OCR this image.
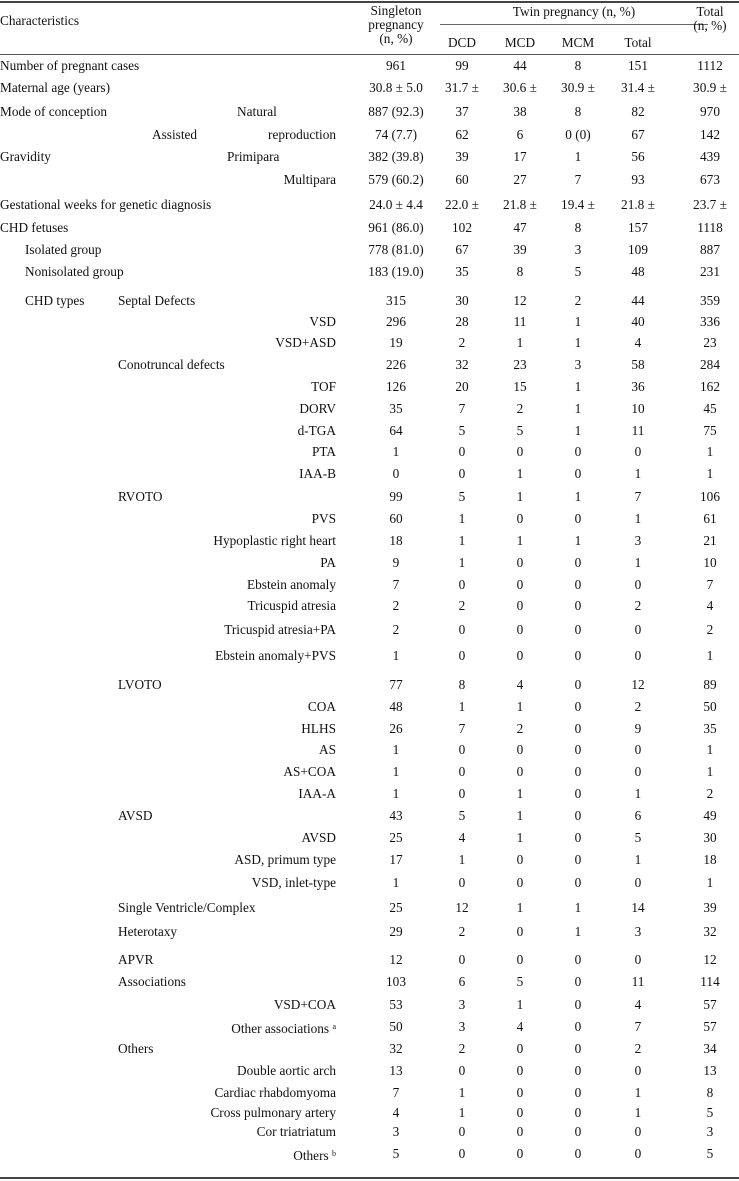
Characteristics
Singleton
pregnancy
(n, %)
Twin pregnancy (n, %)
DCD	MCD	MCM	Total
Total
(n, %)
Number of pregnant cases	961	99	44	8	151	1112
Maternal age (years)	30.8 ± 5.0	31.7 ±	30.6 ±	30.9 ±	31.4 ±	30.9 ±
Mode of conception	Natural	887 (92.3)	37	38	8	82	970
Assisted	reproduction	74 (7.7)	62	6	0 (0)	67	142
Gravidity	Primipara	382 (39.8)	39	17	1	56	439
Multipara	579 (60.2)	60	27	7	93	673
Gestational weeks for genetic diagnosis	24.0 ± 4.4	22.0 ±	21.8 ±	19.4 ±	21.8 ±	23.7 ±
CHD fetuses	961 (86.0)	102	47	8	157	1118
Isolated group	778 (81.0)	67	39	3	109	887
Nonisolated group	183 (19.0)	35	8	5	48	231
CHD types	Septal Defects	315	30	12	2	44	359
VSD	296	28	11	1	40	336
VSD+ASD	19	2	1	1	4	23
Conotruncal defects	226	32	23	3	58	284
TOF	126	20	15	1	36	162
DORV	35	7	2	1	10	45
d-TGA	64	5	5	1	11	75
PTA	1	0	0	0	0	1
IAA-B	0	0	1	0	1	1
RVOTO	99	5	1	1	7	106
PVS	60	1	0	0	1	61
Hypoplastic right heart	18	1	1	1	3	21
PA	9	1	0	0	1	10
Ebstein anomaly	7	0	0	0	0	7
Tricuspid atresia	2	2	0	0	2	4
Tricuspid atresia+PA	2	0	0	0	0	2
Ebstein anomaly+PVS	1	0	0	0	0	1
LVOTO	77	8	4	0	12	89
COA	48	1	1	0	2	50
HLHS	26	7	2	0	9	35
AS	1	0	0	0	0	1
AS+COA	1	0	0	0	0	1
IAA-A	1	0	1	0	1	2
AVSD	43	5	1	0	6	49
AVSD	25	4	1	0	5	30
ASD, primum type	17	1	0	0	1	18
VSD, inlet-type	1	0	0	0	0	1
Single Ventricle/Complex	25	12	1	1	14	39
Heterotaxy	29	2	0	1	3	32
APVR	12	0	0	0	0	12
Associations	103	6	5	0	11	114
VSD+COA	53	3	1	0	4	57
Other associations $^a$	50	3	4	0	7	57
Others	32	2	0	0	2	34
Double aortic arch	13	0	0	0	0	13
Cardiac rhabdomyoma	7	1	0	0	1	8
Cross pulmonary artery	4	1	0	0	1	5
Cor triatriatum	3	0	0	0	0	3
Others $^b$	5	0	0	0	0	5
